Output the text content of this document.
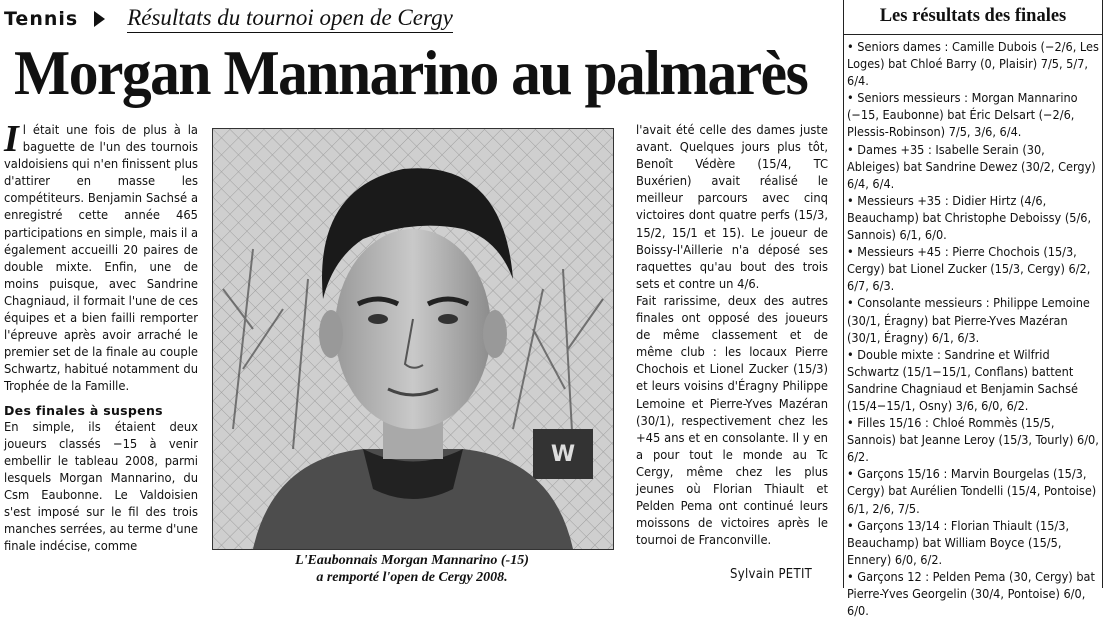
Tennis Résultats du tournoi open de Cergy
Morgan Mannarino au palmarès

Il était une fois de plus à la baguette de l'un des tournois valdoisiens qui n'en finissent plus d'attirer en masse les compétiteurs. Benjamin Sachsé a enregistré cette année 465 participations en simple, mais il a également accueilli 20 paires de double mixte. Enfin, une de moins puisque, avec Sandrine Chagniaud, il formait l'une de ces équipes et a bien failli remporter l'épreuve après avoir arraché le premier set de la finale au couple Schwartz, habitué notamment du Trophée de la Famille.

Des finales à suspens

En simple, ils étaient deux joueurs classés −15 à venir embellir le tableau 2008, parmi lesquels Morgan Mannarino, du Csm Eaubonne. Le Valdoisien s'est imposé sur le fil des trois manches serrées, au terme d'une finale indécise, comme

W
L'Eaubonnais Morgan Mannarino (-15)
a remporté l'open de Cergy 2008.

l'avait été celle des dames juste avant. Quelques jours plus tôt, Benoît Védère (15/4, TC Buxérien) avait réalisé le meilleur parcours avec cinq victoires dont quatre perfs (15/3, 15/2, 15/1 et 15). Le joueur de Boissy-l'Aillerie n'a déposé ses raquettes qu'au bout des trois sets et contre un 4/6.

Fait rarissime, deux des autres finales ont opposé des joueurs de même classement et de même club : les locaux Pierre Chochois et Lionel Zucker (15/3) et leurs voisins d'Éragny Philippe Lemoine et Pierre-Yves Mazéran (30/1), respectivement chez les +45 ans et en consolante. Il y en a pour tout le monde au Tc Cergy, même chez les plus jeunes où Florian Thiault et Pelden Pema ont continué leurs moissons de victoires après le tournoi de Franconville.

Sylvain PETIT
Les résultats des finales
• Seniors dames : Camille Dubois (−2/6, Les Loges) bat Chloé Barry (0, Plaisir) 7/5, 5/7, 6/4.
• Seniors messieurs : Morgan Mannarino (−15, Eaubonne) bat Éric Delsart (−2/6, Plessis-Robinson) 7/5, 3/6, 6/4.
• Dames +35 : Isabelle Serain (30, Ableiges) bat Sandrine Dewez (30/2, Cergy) 6/4, 6/4.
• Messieurs +35 : Didier Hirtz (4/6, Beauchamp) bat Christophe Deboissy (5/6, Sannois) 6/1, 6/0.
• Messieurs +45 : Pierre Chochois (15/3, Cergy) bat Lionel Zucker (15/3, Cergy) 6/2, 6/7, 6/3.
• Consolante messieurs : Philippe Lemoine (30/1, Éragny) bat Pierre-Yves Mazéran (30/1, Éragny) 6/1, 6/3.
• Double mixte : Sandrine et Wilfrid Schwartz (15/1−15/1, Conflans) battent Sandrine Chagniaud et Benjamin Sachsé (15/4−15/1, Osny) 3/6, 6/0, 6/2.
• Filles 15/16 : Chloé Rommès (15/5, Sannois) bat Jeanne Leroy (15/3, Tourly) 6/0, 6/2.
• Garçons 15/16 : Marvin Bourgelas (15/3, Cergy) bat Aurélien Tondelli (15/4, Pontoise) 6/1, 2/6, 7/5.
• Garçons 13/14 : Florian Thiault (15/3, Beauchamp) bat William Boyce (15/5, Ennery) 6/0, 6/2.
• Garçons 12 : Pelden Pema (30, Cergy) bat Pierre-Yves Georgelin (30/4, Pontoise) 6/0, 6/0.
